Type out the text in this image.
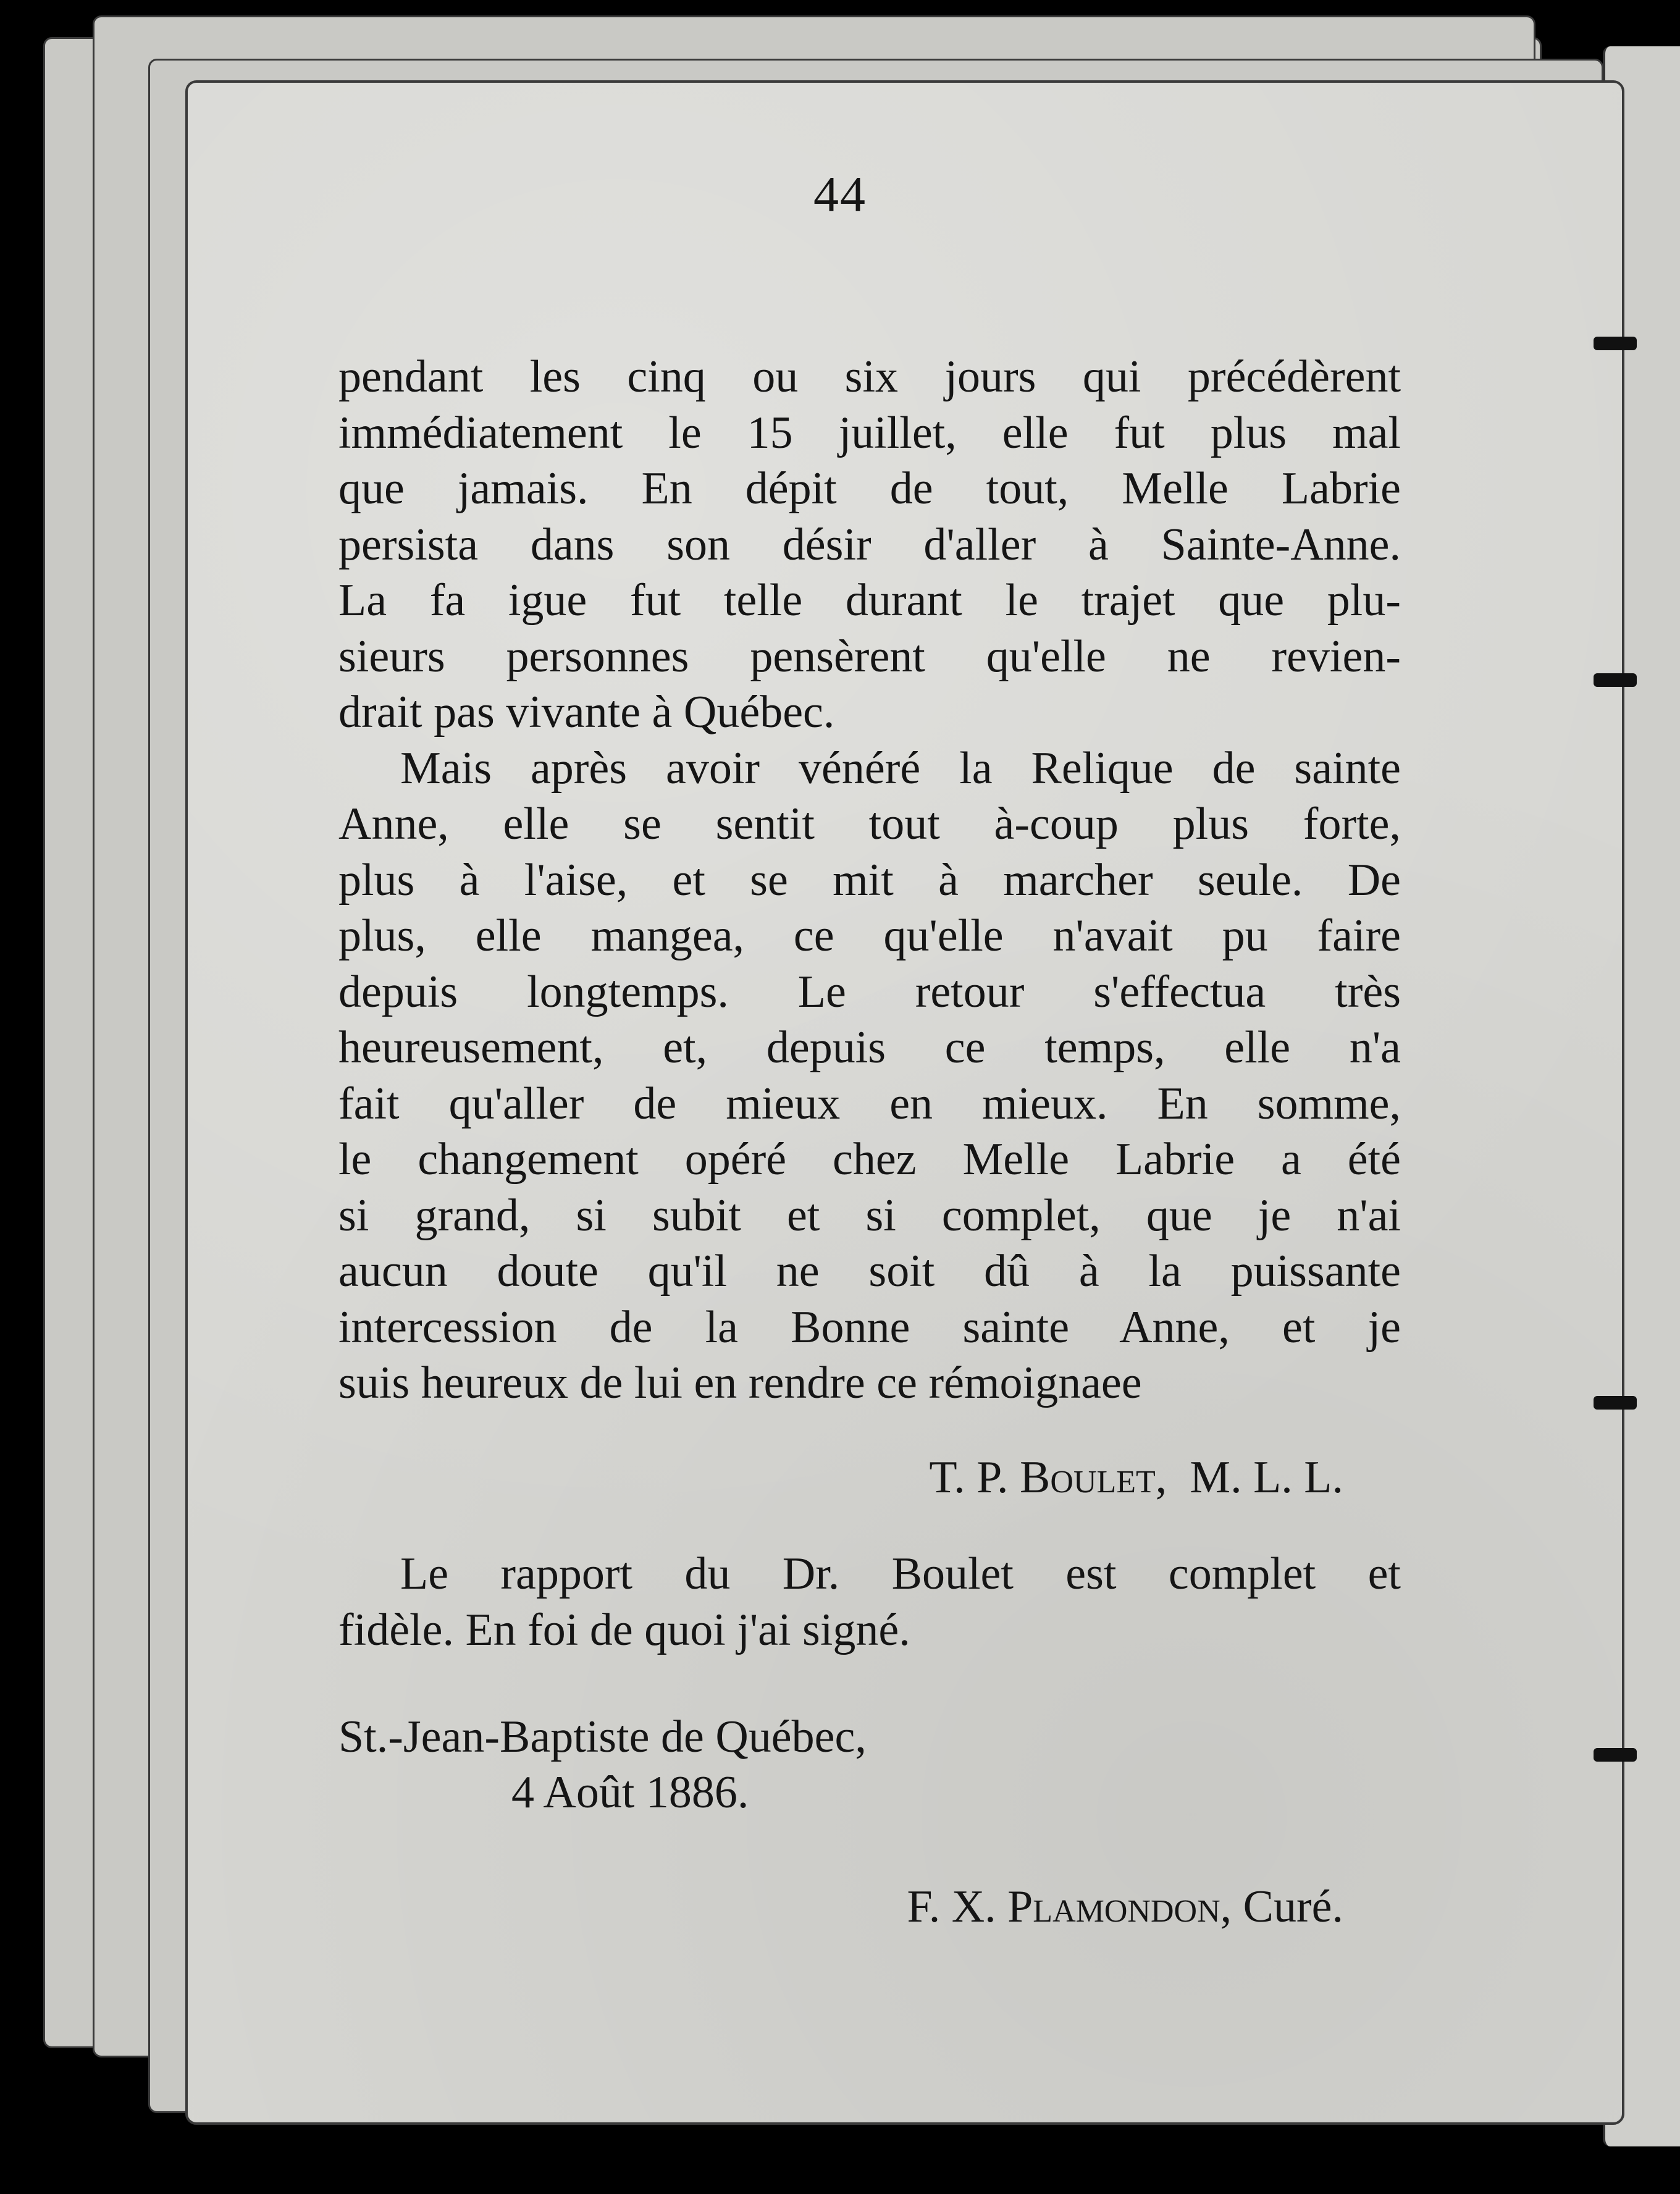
44
pendant les cinq ou six jours qui précédèrent
immédiatement le 15 juillet, elle fut plus mal
que jamais. En dépit de tout, Melle Labrie
persista dans son désir d'aller à Sainte-Anne.
La fa igue fut telle durant le trajet que plu-
sieurs personnes pensèrent qu'elle ne revien-
drait pas vivante à Québec.
Mais après avoir vénéré la Relique de sainte
Anne, elle se sentit tout à-coup plus forte,
plus à l'aise, et se mit à marcher seule. De
plus, elle mangea, ce qu'elle n'avait pu faire
depuis longtemps. Le retour s'effectua très
heureusement, et, depuis ce temps, elle n'a
fait qu'aller de mieux en mieux. En somme,
le changement opéré chez Melle Labrie a été
si grand, si subit et si complet, que je n'ai
aucun doute qu'il ne soit dû à la puissante
intercession de la Bonne sainte Anne, et je
suis heureux de lui en rendre ce rémoignaee
T. P. Boulet, M. L. L.
Le rapport du Dr. Boulet est complet et
fidèle. En foi de quoi j'ai signé.
St.-Jean-Baptiste de Québec,
4 Août 1886.
F. X. Plamondon, Curé.
